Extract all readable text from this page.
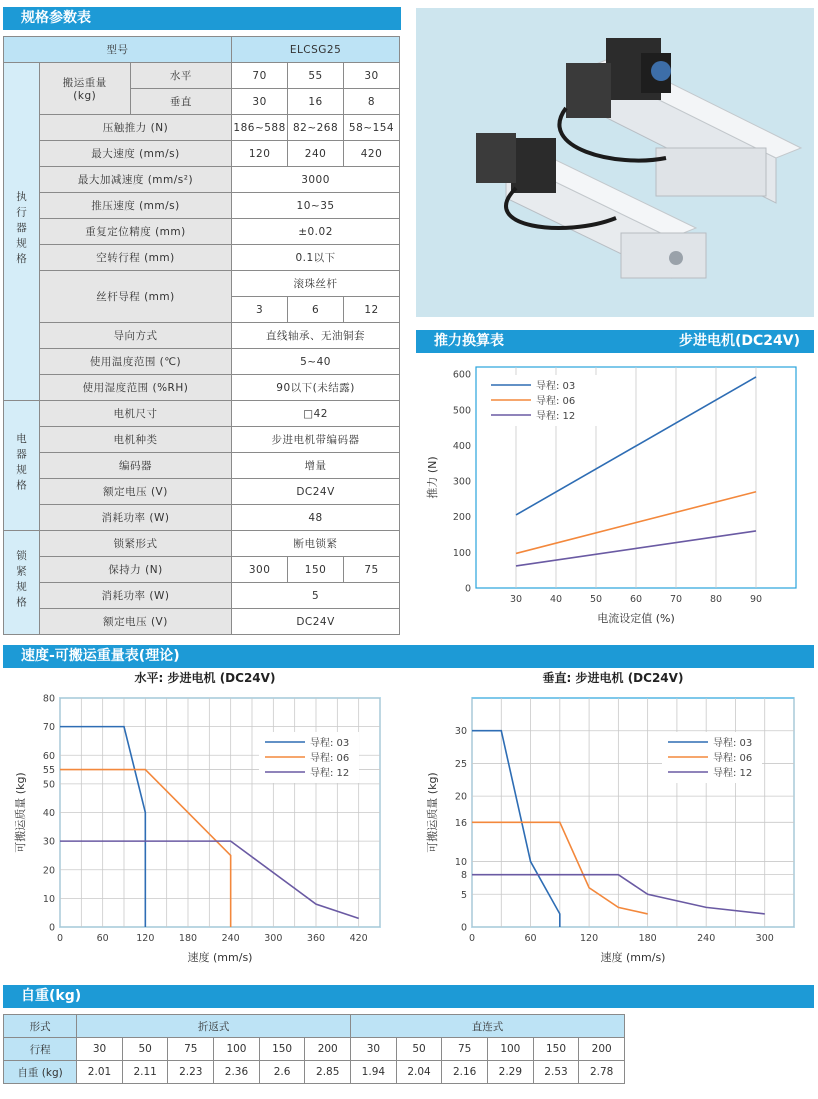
规格参数表
推力换算表	步进电机(DC24V)
速度-可搬运重量表(理论)
自重(kg)
型号			ELCSG25		
执行器规格	搬运重量(kg)	水平	70	55	30
		垂直	30	16	8
	压触推力 (N)		186~588	82~268	58~154
	最大速度 (mm/s)		120	240	420
	最大加减速度 (mm/s²)		3000		
	推压速度 (mm/s)		10~35		
	重复定位精度 (mm)		±0.02		
	空转行程 (mm)		0.1以下		
	丝杆导程 (mm)		滚珠丝杆		
			3	6	12
	导向方式		直线轴承、无油铜套		
	使用温度范围 (℃)		5~40		
	使用湿度范围 (%RH)		90以下(未结露)		
电器规格	电机尺寸		□42		
	电机种类		步进电机带编码器		
	编码器		增量		
	额定电压 (V)		DC24V		
	消耗功率 (W)		48		
锁紧规格	锁紧形式		断电锁紧		
	保持力 (N)		300	150	75
	消耗功率 (W)		5		
	额定电压 (V)		DC24V		
30	40	50	60	70	80	90
0
100
200
300
400
500
600
导程: 03
导程: 06
导程: 12
电流设定值 (%)
推力 (N)
0	60	120	180	240	300	360	420
0
10
20
30
40
50
55
60
70
80
导程: 03
导程: 06
导程: 12
速度 (mm/s)
可搬运质量 (kg)
水平: 步进电机 (DC24V)
0	60	120	180	240	300
0
5
8
10
16
20
25
30
导程: 03
导程: 06
导程: 12
速度 (mm/s)
可搬运质量 (kg)
垂直: 步进电机 (DC24V)
形式	折返式						直连式					
行程	30	50	75	100	150	200	30	50	75	100	150	200
自重 (kg)	2.01	2.11	2.23	2.36	2.6	2.85	1.94	2.04	2.16	2.29	2.53	2.78
